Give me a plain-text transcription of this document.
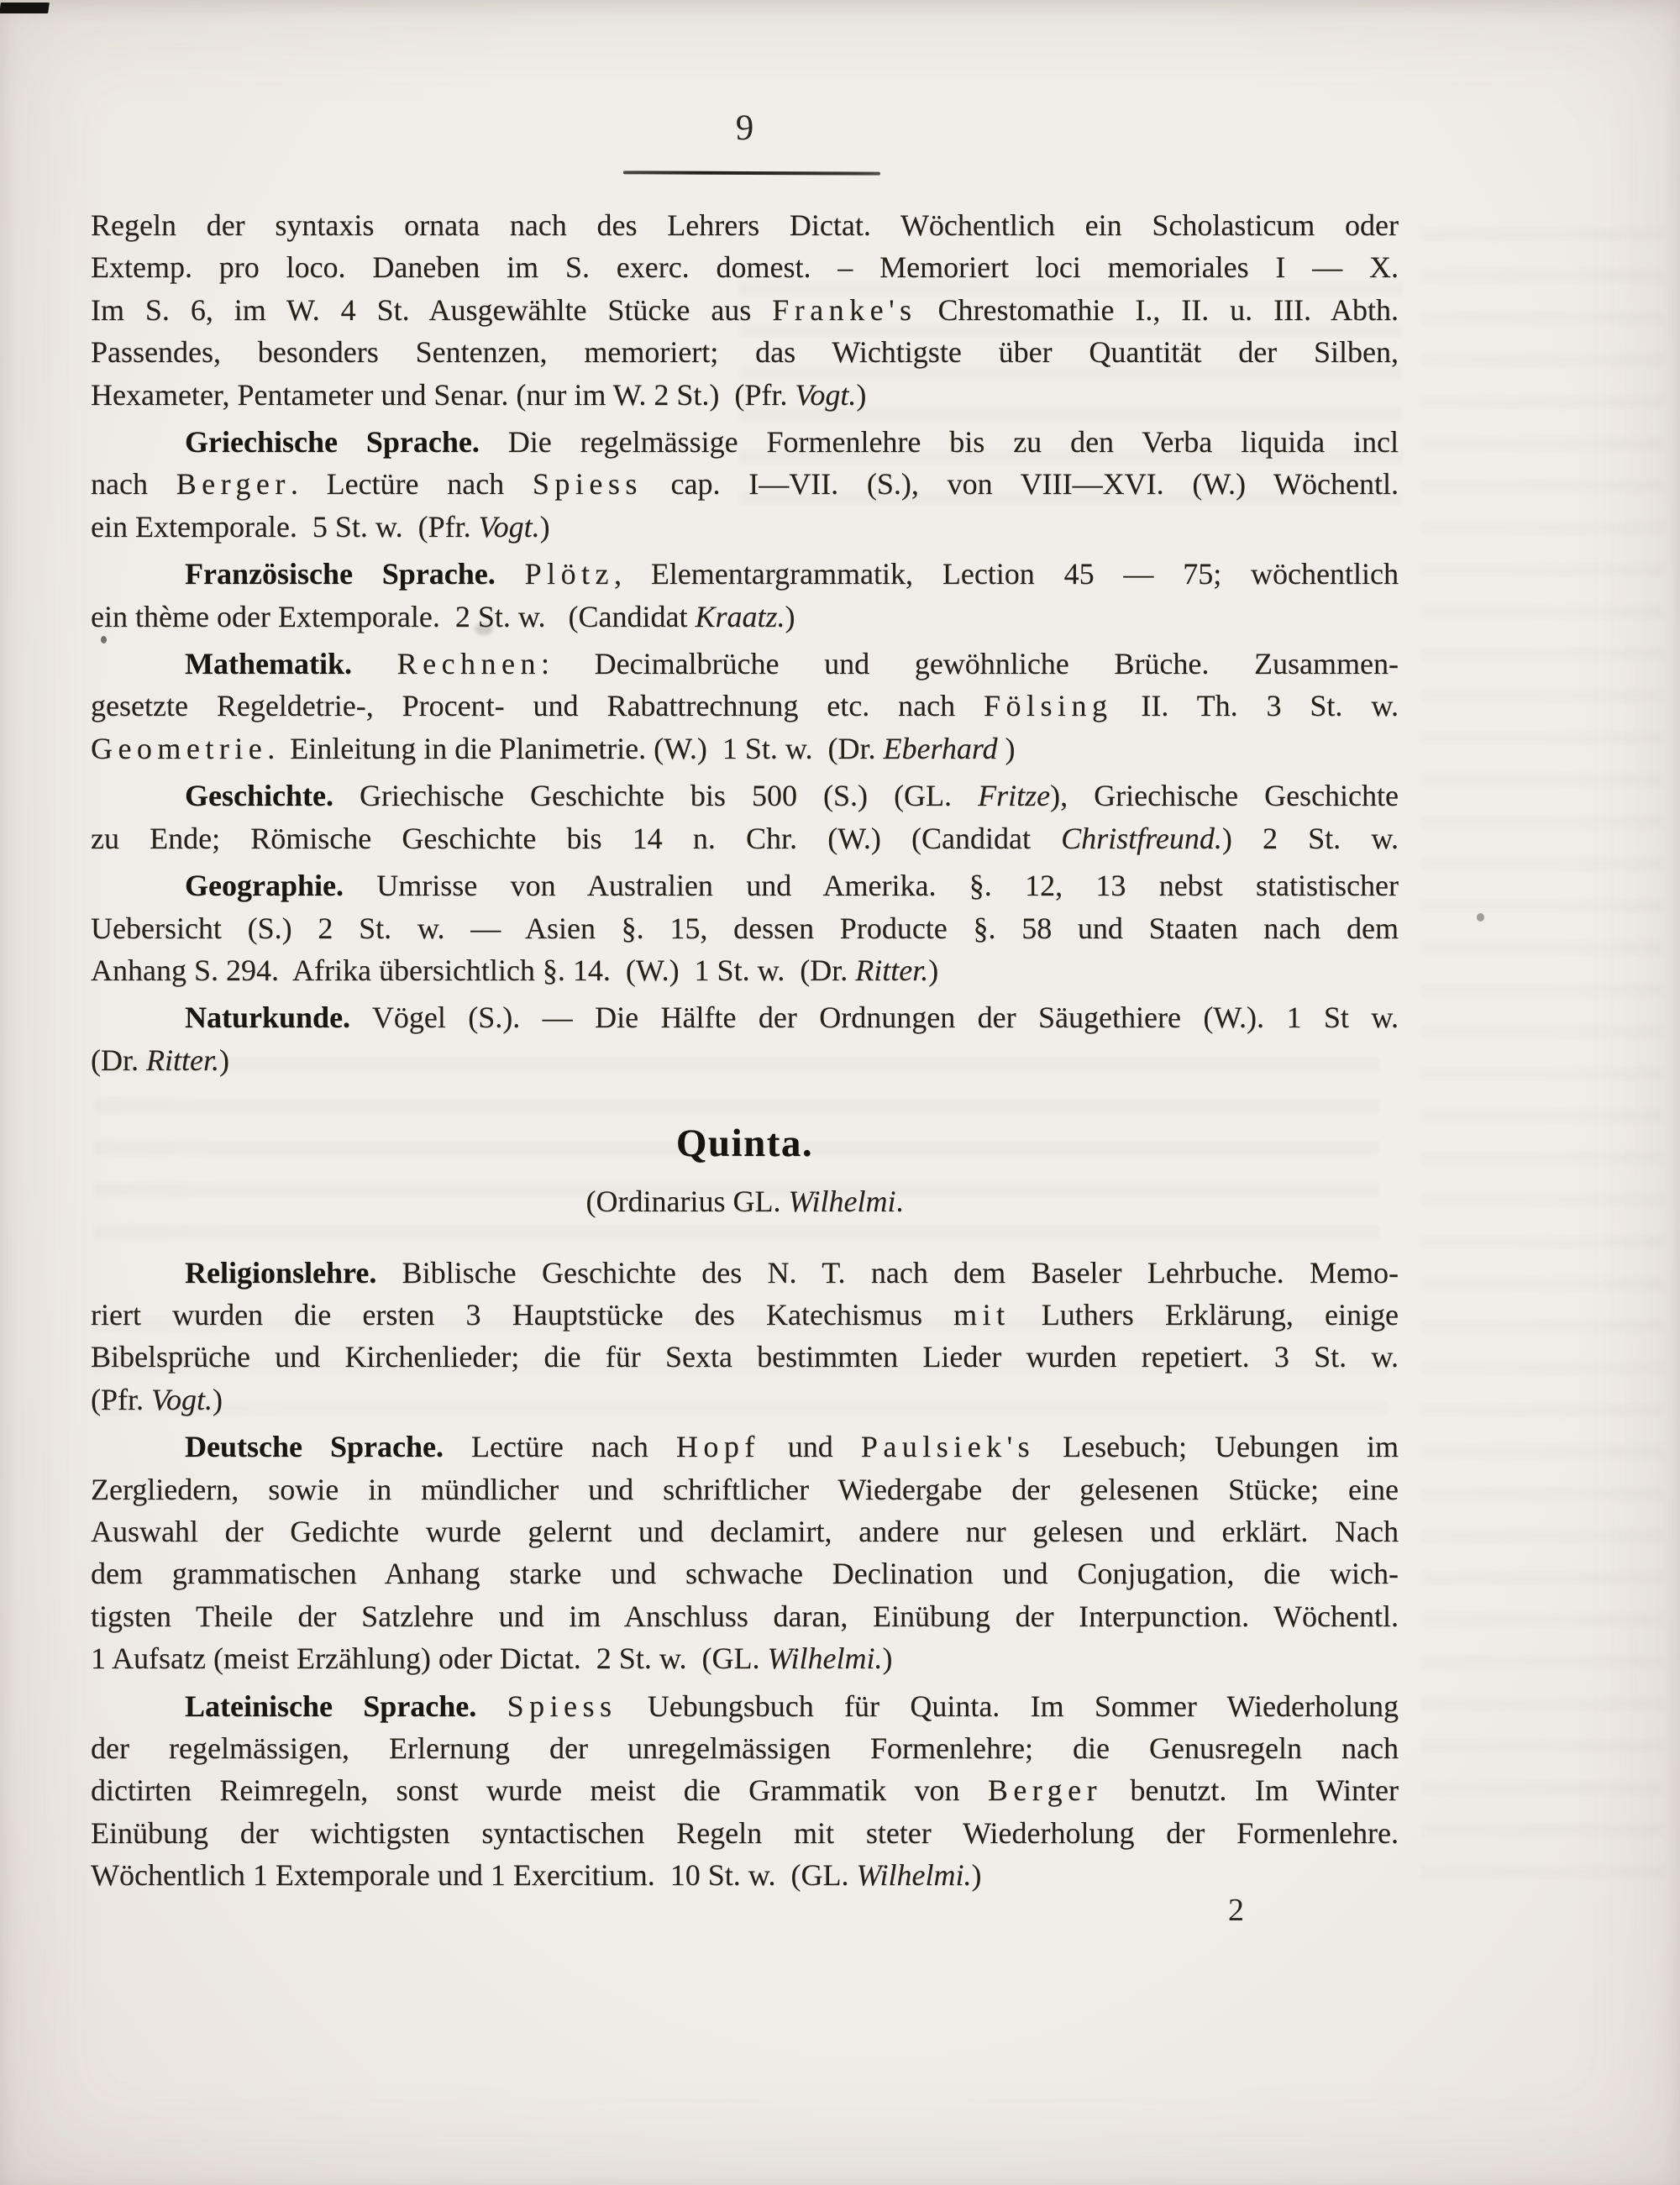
9
Regeln der syntaxis ornata nach des Lehrers Dictat. Wöchentlich ein Scholasticum oder
Extemp. pro loco. Daneben im S. exerc. domest. – Memoriert loci memoriales I — X.
Im S. 6, im W. 4 St. Ausgewählte Stücke aus Franke's Chrestomathie I., II. u. III. Abth.
Passendes, besonders Sentenzen, memoriert; das Wichtigste über Quantität der Silben,
Hexameter, Pentameter und Senar. (nur im W. 2 St.)  (Pfr. Vogt.)
Griechische Sprache. Die regelmässige Formenlehre bis zu den Verba liquida incl
nach Berger. Lectüre nach Spiess cap. I—VII. (S.), von VIII—XVI. (W.) Wöchentl.
ein Extemporale.  5 St. w.  (Pfr. Vogt.)
Französische Sprache. Plötz, Elementargrammatik, Lection 45 — 75; wöchentlich
ein thème oder Extemporale.  2 St. w.   (Candidat Kraatz.)
Mathematik. Rechnen: Decimalbrüche und gewöhnliche Brüche. Zusammen-
gesetzte Regeldetrie-, Procent- und Rabattrechnung etc. nach Fölsing II. Th. 3 St. w.
Geometrie.  Einleitung in die Planimetrie. (W.)  1 St. w.  (Dr. Eberhard )
Geschichte. Griechische Geschichte bis 500 (S.) (GL. Fritze), Griechische Geschichte
zu Ende; Römische Geschichte bis 14 n. Chr. (W.) (Candidat Christfreund.) 2 St. w.
Geographie. Umrisse von Australien und Amerika. §. 12, 13 nebst statistischer
Uebersicht (S.) 2 St. w. — Asien §. 15, dessen Producte §. 58 und Staaten nach dem
Anhang S. 294.  Afrika übersichtlich §. 14.  (W.)  1 St. w.  (Dr. Ritter.)
Naturkunde. Vögel (S.). — Die Hälfte der Ordnungen der Säugethiere (W.). 1 St w.
(Dr. Ritter.)
Quinta.
(Ordinarius GL. Wilhelmi.
Religionslehre. Biblische Geschichte des N. T. nach dem Baseler Lehrbuche. Memo-
riert wurden die ersten 3 Hauptstücke des Katechismus mit Luthers Erklärung, einige
Bibelsprüche und Kirchenlieder; die für Sexta bestimmten Lieder wurden repetiert. 3 St. w.
(Pfr. Vogt.)
Deutsche Sprache. Lectüre nach Hopf und Paulsiek's Lesebuch; Uebungen im
Zergliedern, sowie in mündlicher und schriftlicher Wiedergabe der gelesenen Stücke; eine
Auswahl der Gedichte wurde gelernt und declamirt, andere nur gelesen und erklärt. Nach
dem grammatischen Anhang starke und schwache Declination und Conjugation, die wich-
tigsten Theile der Satzlehre und im Anschluss daran, Einübung der Interpunction. Wöchentl.
1 Aufsatz (meist Erzählung) oder Dictat.  2 St. w.  (GL. Wilhelmi.)
Lateinische Sprache. Spiess Uebungsbuch für Quinta. Im Sommer Wiederholung
der regelmässigen, Erlernung der unregelmässigen Formenlehre; die Genusregeln nach
dictirten Reimregeln, sonst wurde meist die Grammatik von Berger benutzt. Im Winter
Einübung der wichtigsten syntactischen Regeln mit steter Wiederholung der Formenlehre.
Wöchentlich 1 Extemporale und 1 Exercitium.  10 St. w.  (GL. Wilhelmi.)
2
